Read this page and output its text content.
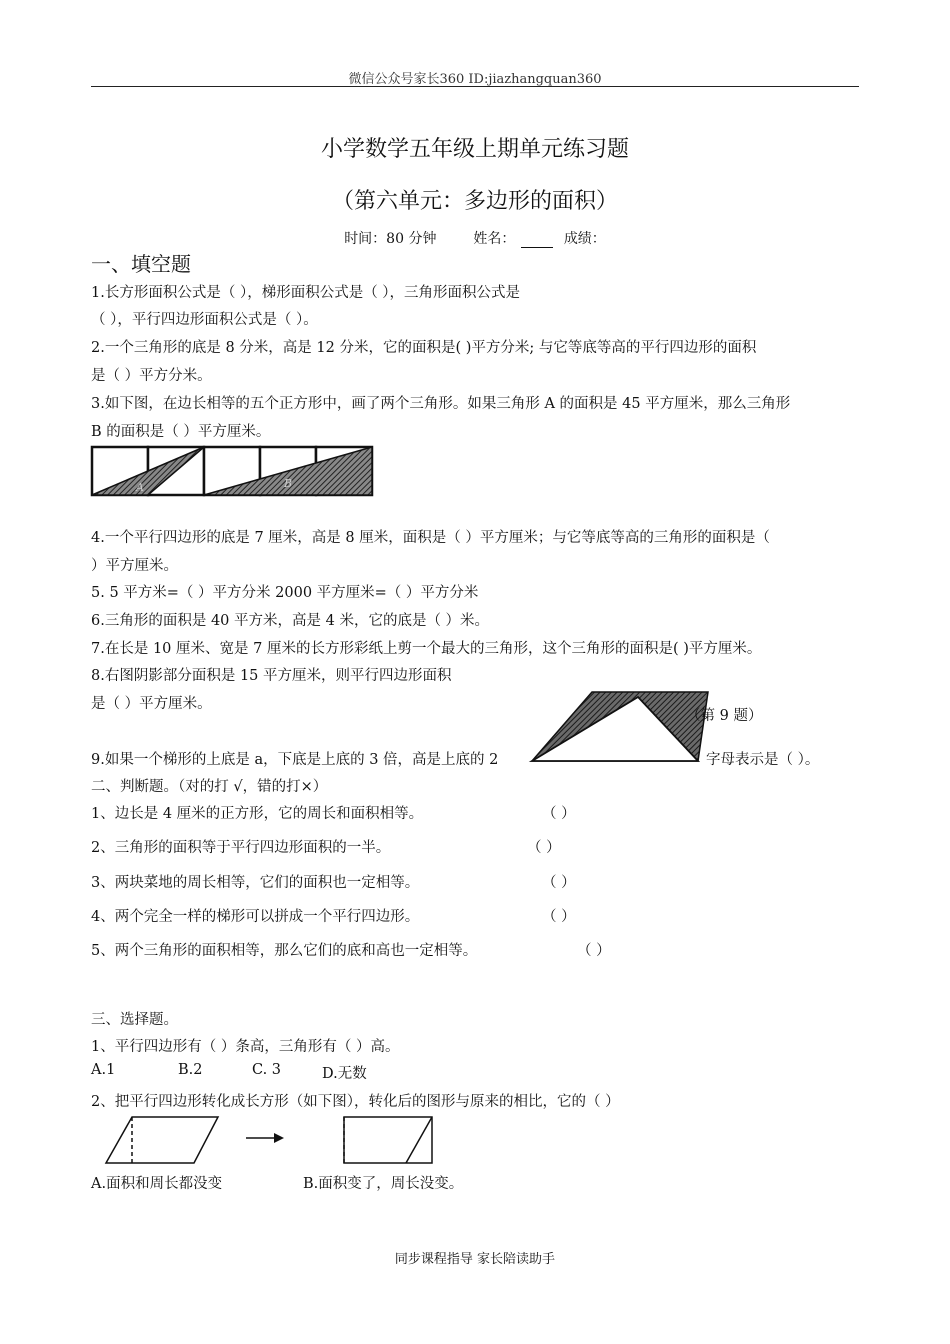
微信公众号家长360 ID:jiazhangquan360
小学数学五年级上期单元练习题
（第六单元：多边形的面积）
时间：80 分钟	姓名：	成绩：
一、填空题
1.长方形面积公式是（ ），梯形面积公式是（ ），三角形面积公式是
（ ），平行四边形面积公式是（ ）。
2.一个三角形的底是 8 分米，高是 12 分米，它的面积是( )平方分米; 与它等底等高的平行四边形的面积
是（ ）平方分米。
3.如下图，在边长相等的五个正方形中，画了两个三角形。如果三角形 A 的面积是 45 平方厘米，那么三角形
B 的面积是（ ）平方厘米。
A	B
4.一个平行四边形的底是 7 厘米，高是 8 厘米，面积是（ ）平方厘米；与它等底等高的三角形的面积是（
）平方厘米。
5. 5 平方米=（ ）平方分米 2000 平方厘米=（ ）平方分米
6.三角形的面积是 40 平方米，高是 4 米，它的底是（ ）米。
7.在长是 10 厘米、宽是 7 厘米的长方形彩纸上剪一个最大的三角形，这个三角形的面积是( )平方厘米。
8.右图阴影部分面积是 15 平方厘米，则平行四边形面积
是（ ）平方厘米。
9.如果一个梯形的上底是 a，下底是上底的 3 倍，高是上底的 2	字母表示是（ ）。
（第 9 题）
二、判断题。（对的打 √，错的打×）
1、边长是 4 厘米的正方形，它的周长和面积相等。	（ ）
2、三角形的面积等于平行四边形面积的一半。	（ ）
3、两块菜地的周长相等，它们的面积也一定相等。	（ ）
4、两个完全一样的梯形可以拼成一个平行四边形。	（ ）
5、两个三角形的面积相等，那么它们的底和高也一定相等。	（ ）
三、选择题。
1、平行四边形有（ ）条高，三角形有（ ）高。
A.1	B.2	C. 3	D.无数
2、把平行四边形转化成长方形（如下图），转化后的图形与原来的相比，它的（ ）
A.面积和周长都没变	B.面积变了，周长没变。
同步课程指导 家长陪读助手
